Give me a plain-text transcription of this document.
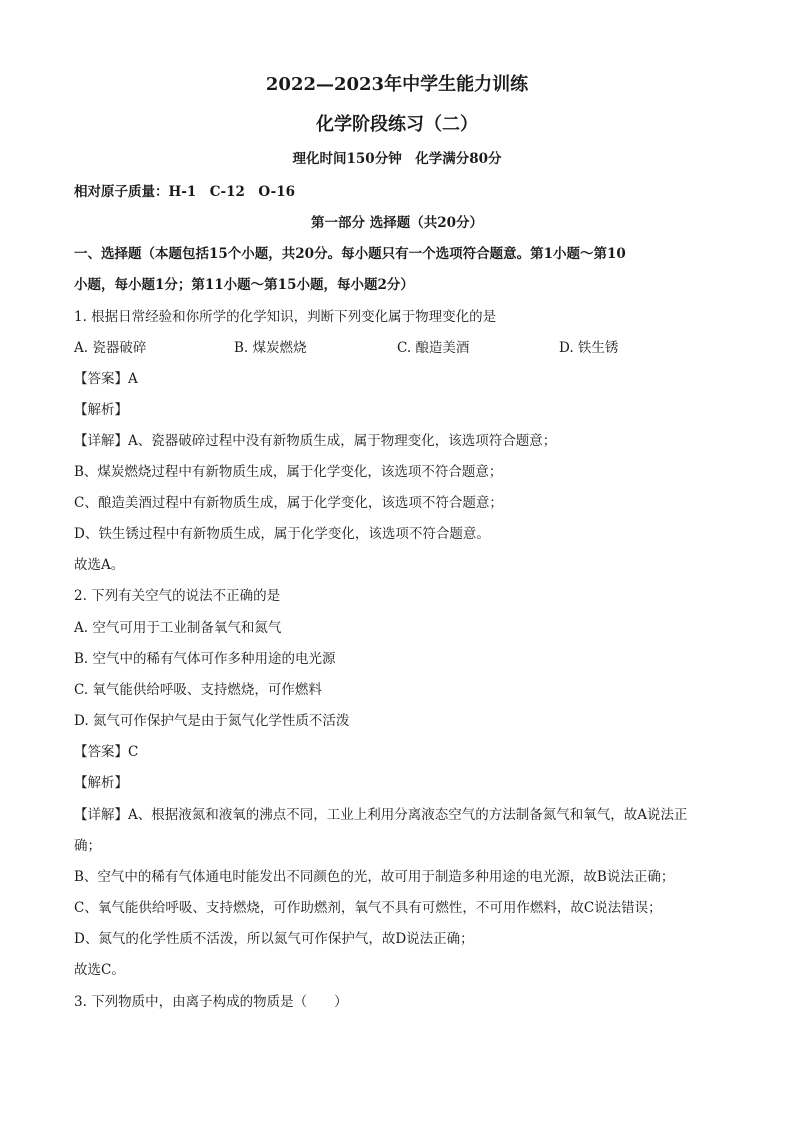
2022—2023年中学生能力训练
化学阶段练习（二）
理化时间150分钟　化学满分80分
相对原子质量：H-1　C-12　O-16
第一部分 选择题（共20分）
一、选择题（本题包括15个小题，共20分。每小题只有一个选项符合题意。第1小题～第10
小题，每小题1分；第11小题～第15小题，每小题2分）
1. 根据日常经验和你所学的化学知识，判断下列变化属于物理变化的是
A. 瓷器破碎	B. 煤炭燃烧	C. 酿造美酒	D. 铁生锈
【答案】A
【解析】
【详解】A、瓷器破碎过程中没有新物质生成，属于物理变化，该选项符合题意；
B、煤炭燃烧过程中有新物质生成，属于化学变化，该选项不符合题意；
C、酿造美酒过程中有新物质生成，属于化学变化，该选项不符合题意；
D、铁生锈过程中有新物质生成，属于化学变化，该选项不符合题意。
故选A。
2. 下列有关空气的说法不正确的是
A. 空气可用于工业制备氧气和氮气
B. 空气中的稀有气体可作多种用途的电光源
C. 氧气能供给呼吸、支持燃烧，可作燃料
D. 氮气可作保护气是由于氮气化学性质不活泼
【答案】C
【解析】
【详解】A、根据液氮和液氧的沸点不同，工业上利用分离液态空气的方法制备氮气和氧气，故A说法正
确；
B、空气中的稀有气体通电时能发出不同颜色的光，故可用于制造多种用途的电光源，故B说法正确；
C、氧气能供给呼吸、支持燃烧，可作助燃剂，氧气不具有可燃性，不可用作燃料，故C说法错误；
D、氮气的化学性质不活泼，所以氮气可作保护气，故D说法正确；
故选C。
3. 下列物质中，由离子构成的物质是（　　）
